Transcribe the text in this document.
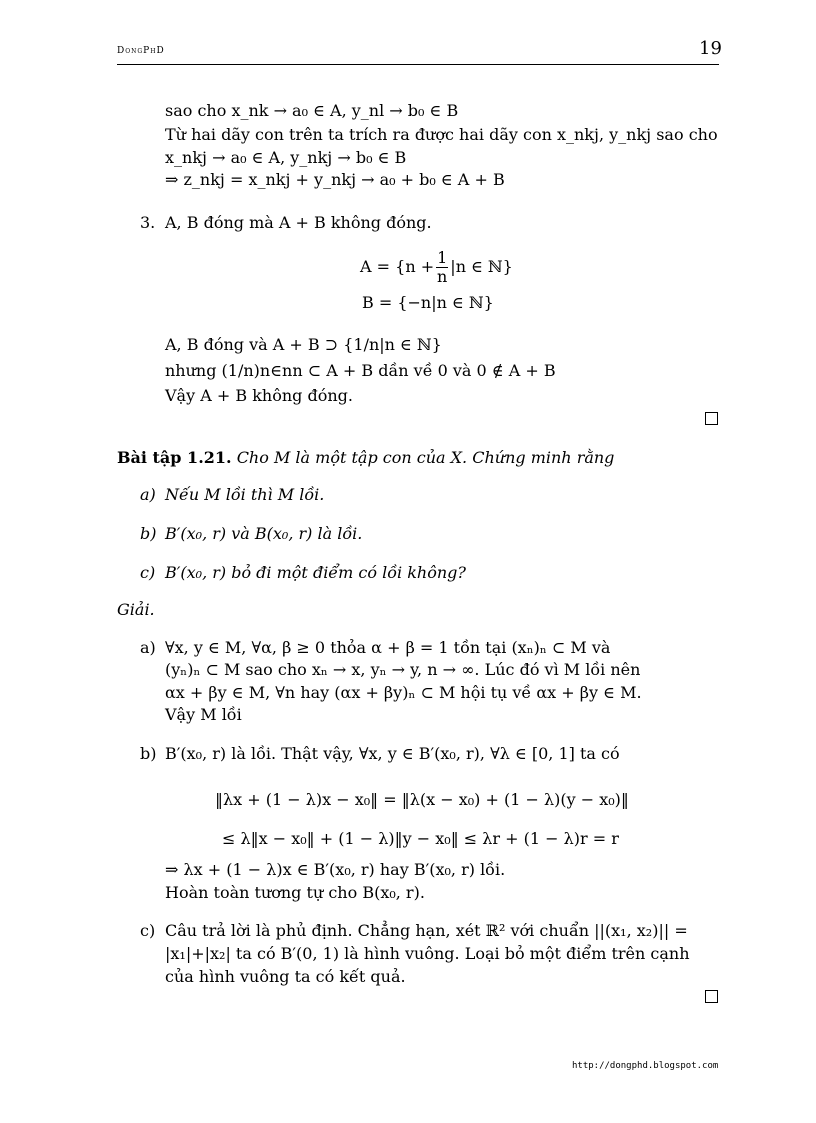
DongPhD	19
sao cho x_nk → a₀ ∈ A, y_nl → b₀ ∈ B
Từ hai dãy con trên ta trích ra được hai dãy con x_nkj, y_nkj sao cho
x_nkj → a₀ ∈ A, y_nkj → b₀ ∈ B
⇒ z_nkj = x_nkj + y_nkj → a₀ + b₀ ∈ A + B
3. A, B đóng mà A + B không đóng.
$A = \{n + \frac{1}{n} |n$ ∈ ℕ}
B = {−n|n ∈ ℕ}
A, B đóng và A + B ⊃ {1/n|n ∈ ℕ}
nhưng (1/n)n∈nn ⊂ A + B dần về 0 và 0 ∉ A + B
Vậy A + B không đóng.
Bài tập 1.21. Cho M là một tập con của X. Chứng minh rằng
a) Nếu M lồi thì M lồi.
b) B′(x₀, r) và B(x₀, r) là lồi.
c) B′(x₀, r) bỏ đi một điểm có lồi không?
Giải.
a) ∀x, y ∈ M, ∀α, β ≥ 0 thỏa α + β = 1 tồn tại (xₙ)ₙ ⊂ M và
(yₙ)ₙ ⊂ M sao cho xₙ → x, yₙ → y, n → ∞. Lúc đó vì M lồi nên
αx + βy ∈ M, ∀n hay (αx + βy)ₙ ⊂ M hội tụ về αx + βy ∈ M.
Vậy M lồi
b) B′(x₀, r) là lồi. Thật vậy, ∀x, y ∈ B′(x₀, r), ∀λ ∈ [0, 1] ta có
‖λx + (1 − λ)x − x₀‖ = ‖λ(x − x₀) + (1 − λ)(y − x₀)‖
≤ λ‖x − x₀‖ + (1 − λ)‖y − x₀‖ ≤ λr + (1 − λ)r = r
⇒ λx + (1 − λ)x ∈ B′(x₀, r) hay B′(x₀, r) lồi.
Hoàn toàn tương tự cho B(x₀, r).
c) Câu trả lời là phủ định. Chẳng hạn, xét ℝ² với chuẩn ||(x₁, x₂)|| =
|x₁|+|x₂| ta có B′(0, 1) là hình vuông. Loại bỏ một điểm trên cạnh
của hình vuông ta có kết quả.
http://dongphd.blogspot.com
